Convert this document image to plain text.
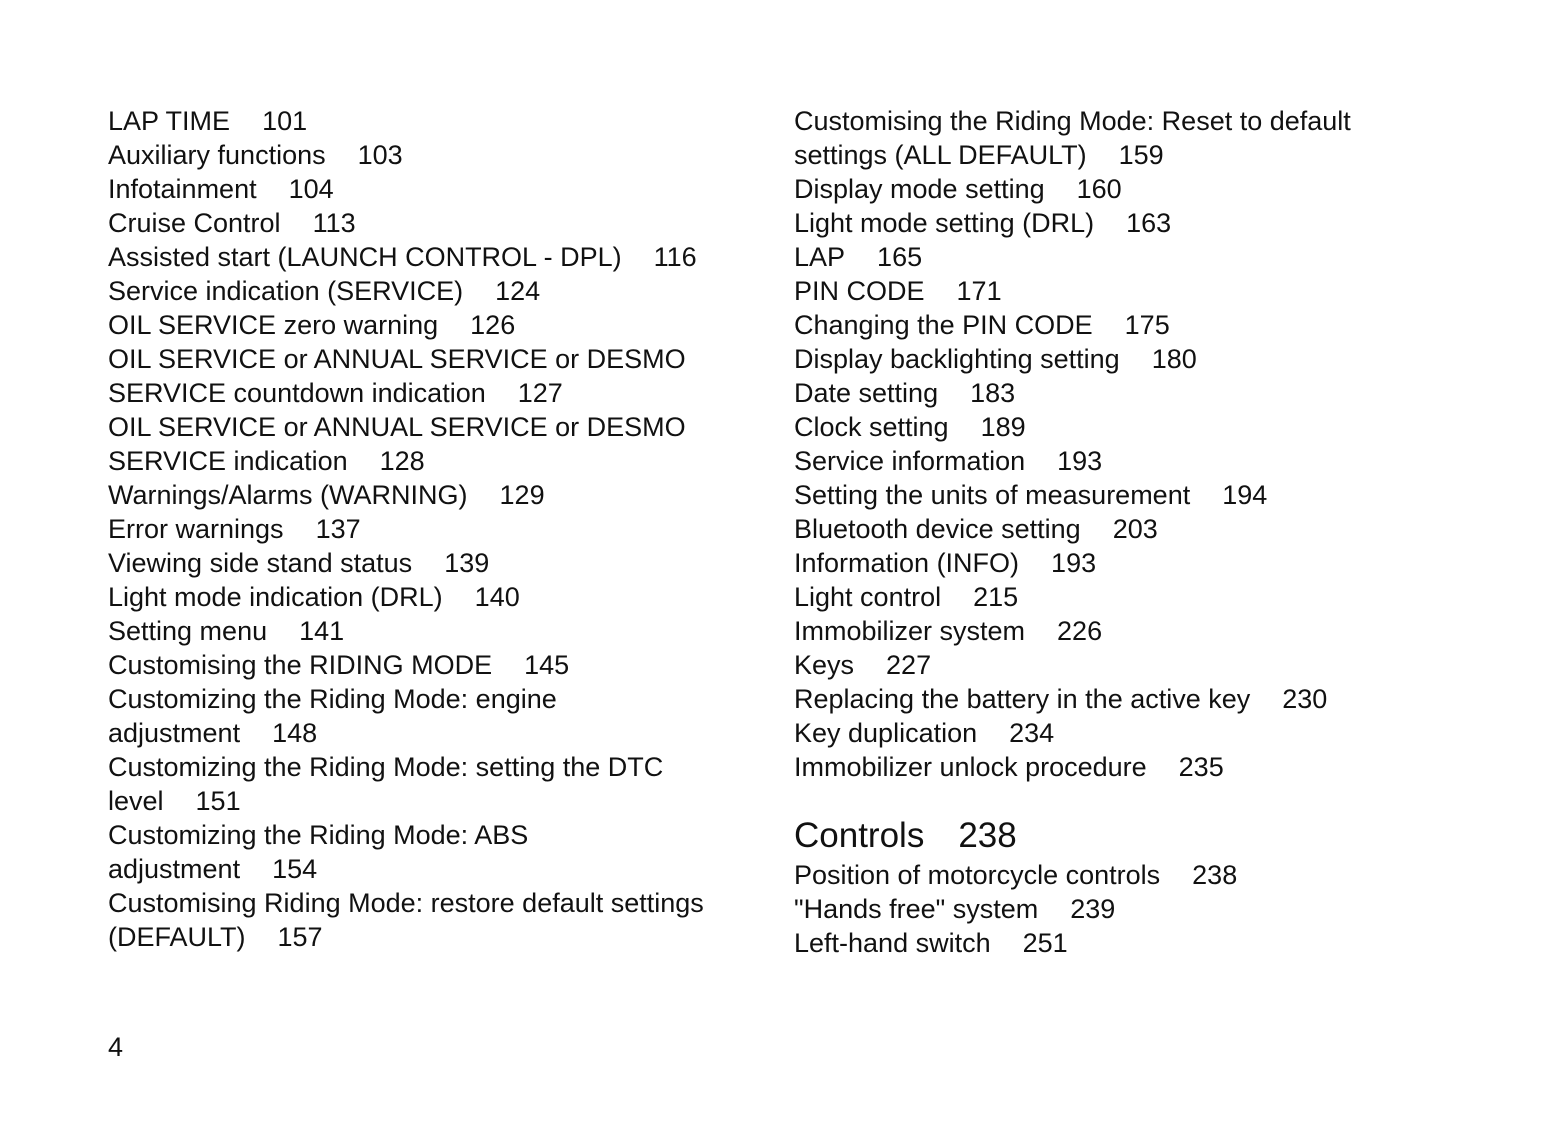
LAP TIME 101
Auxiliary functions 103
Infotainment 104
Cruise Control 113
Assisted start (LAUNCH CONTROL - DPL) 116
Service indication (SERVICE) 124
OIL SERVICE zero warning 126
OIL SERVICE or ANNUAL SERVICE or DESMO
SERVICE countdown indication 127
OIL SERVICE or ANNUAL SERVICE or DESMO
SERVICE indication 128
Warnings/Alarms (WARNING) 129
Error warnings 137
Viewing side stand status 139
Light mode indication (DRL) 140
Setting menu 141
Customising the RIDING MODE 145
Customizing the Riding Mode: engine
adjustment 148
Customizing the Riding Mode: setting the DTC
level 151
Customizing the Riding Mode: ABS
adjustment 154
Customising Riding Mode: restore default settings
(DEFAULT) 157
Customising the Riding Mode: Reset to default
settings (ALL DEFAULT) 159
Display mode setting 160
Light mode setting (DRL) 163
LAP 165
PIN CODE 171
Changing the PIN CODE 175
Display backlighting setting 180
Date setting 183
Clock setting 189
Service information 193
Setting the units of measurement 194
Bluetooth device setting 203
Information (INFO) 193
Light control 215
Immobilizer system 226
Keys 227
Replacing the battery in the active key 230
Key duplication 234
Immobilizer unlock procedure 235
Controls 238
Position of motorcycle controls 238
"Hands free" system 239
Left-hand switch 251
4
